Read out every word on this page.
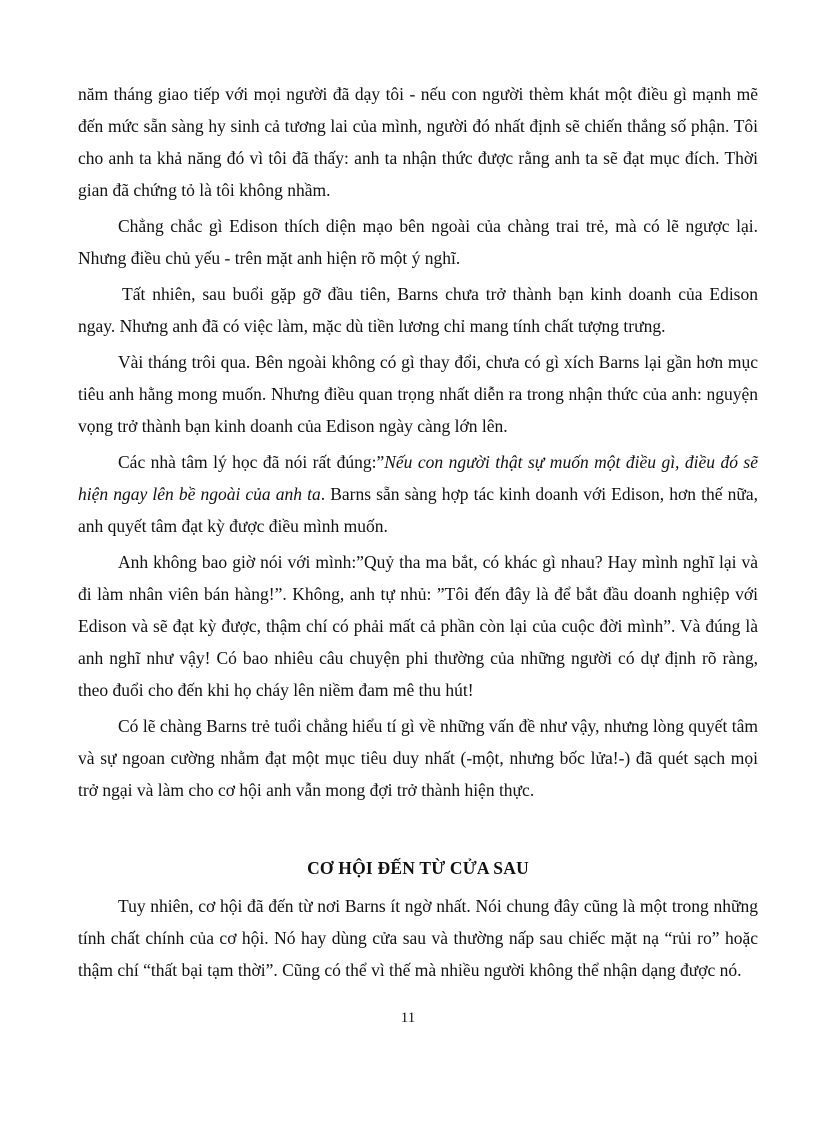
năm tháng giao tiếp với mọi người đã dạy tôi - nếu con người thèm khát một điều gì mạnh mẽ đến mức sẵn sàng hy sinh cả tương lai của mình, người đó nhất định sẽ chiến thắng số phận. Tôi cho anh ta khả năng đó vì tôi đã thấy: anh ta nhận thức được rằng anh ta sẽ đạt mục đích. Thời gian đã chứng tỏ là tôi không nhầm.

Chẳng chắc gì Edison thích diện mạo bên ngoài của chàng trai trẻ, mà có lẽ ngược lại. Nhưng điều chủ yếu - trên mặt anh hiện rõ một ý nghĩ.

Tất nhiên, sau buổi gặp gỡ đầu tiên, Barns chưa trở thành bạn kinh doanh của Edison ngay. Nhưng anh đã có việc làm, mặc dù tiền lương chỉ mang tính chất tượng trưng.

Vài tháng trôi qua. Bên ngoài không có gì thay đổi, chưa có gì xích Barns lại gần hơn mục tiêu anh hằng mong muốn. Nhưng điều quan trọng nhất diễn ra trong nhận thức của anh: nguyện vọng trở thành bạn kinh doanh của Edison ngày càng lớn lên.

Các nhà tâm lý học đã nói rất đúng:”Nếu con người thật sự muốn một điều gì, điều đó sẽ hiện ngay lên bề ngoài của anh ta. Barns sẵn sàng hợp tác kinh doanh với Edison, hơn thế nữa, anh quyết tâm đạt kỳ được điều mình muốn.

Anh không bao giờ nói với mình:”Quỷ tha ma bắt, có khác gì nhau? Hay mình nghĩ lại và đi làm nhân viên bán hàng!”. Không, anh tự nhủ: ”Tôi đến đây là để bắt đầu doanh nghiệp với Edison và sẽ đạt kỳ được, thậm chí có phải mất cả phần còn lại của cuộc đời mình”. Và đúng là anh nghĩ như vậy! Có bao nhiêu câu chuyện phi thường của những người có dự định rõ ràng, theo đuổi cho đến khi họ cháy lên niềm đam mê thu hút!

Có lẽ chàng Barns trẻ tuổi chẳng hiểu tí gì về những vấn đề như vậy, nhưng lòng quyết tâm và sự ngoan cường nhằm đạt một mục tiêu duy nhất (-một, nhưng bốc lửa!-) đã quét sạch mọi trở ngại và làm cho cơ hội anh vẫn mong đợi trở thành hiện thực.

CƠ HỘI ĐẾN TỪ CỬA SAU

Tuy nhiên, cơ hội đã đến từ nơi Barns ít ngờ nhất. Nói chung đây cũng là một trong những tính chất chính của cơ hội. Nó hay dùng cửa sau và thường nấp sau chiếc mặt nạ “rủi ro” hoặc thậm chí “thất bại tạm thời”. Cũng có thể vì thế mà nhiều người không thể nhận dạng được nó.

11
